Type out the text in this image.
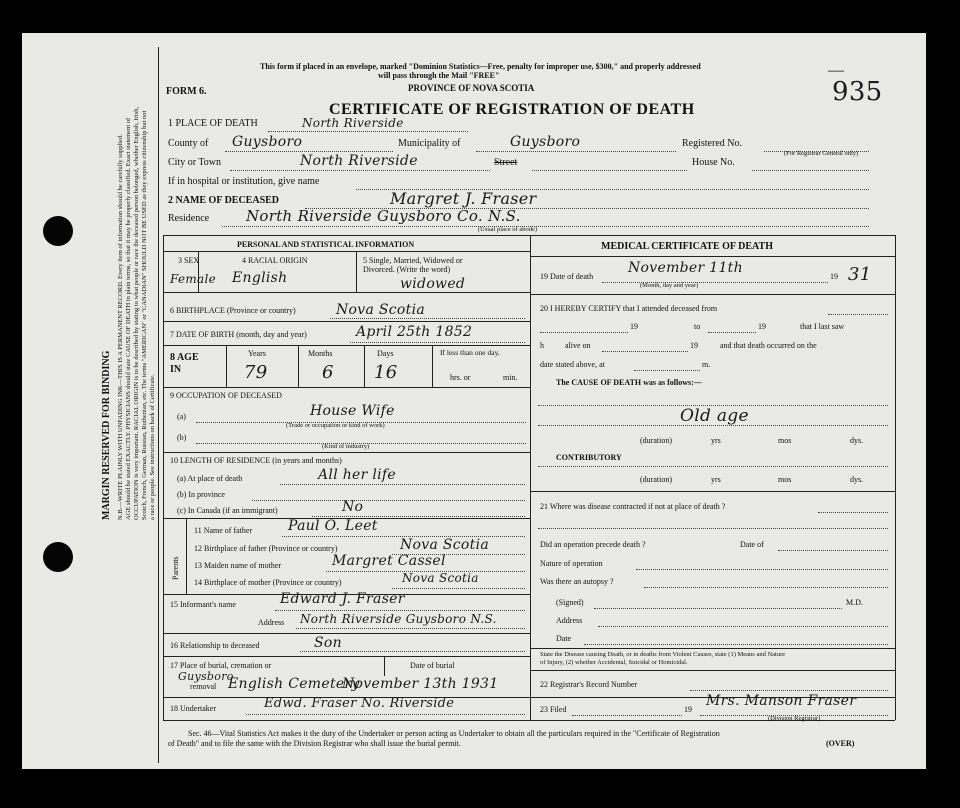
MARGIN RESERVED FOR BINDING N.B.—WRITE PLAINLY WITH UNFADING INK—THIS IS A PERMANENT RECORD. Every item of information should be carefully supplied. AGE should be stated EXACTLY. PHYSICIANS should state CAUSE OF DEATH in plain terms, so that it may be properly classified. Exact statement of OCCUPATION is very important. RACIAL ORIGIN is to be described by stating to what people or race the deceased person belonged, whether English, Irish, Scotch, French, German, Russian, Ruthenian, etc. The terms "AMERICAN" or "CANADIAN" SHOULD NOT BE USED as they express citizenship but not a race or people. See instructions on back of Certificate.
This form if placed in an envelope, marked "Dominion Statistics—Free, penalty for improper use, $300," and properly addressed
will pass through the Mail "FREE"
PROVINCE OF NOVA SCOTIA
FORM 6.	935
—
CERTIFICATE OF REGISTRATION OF DEATH
1 PLACE OF DEATH	North Riverside
County of Guysboro	Municipality of	Guysboro	Registered No.
(For Registrar General only)
City or Town	North Riverside	Street	House No.
If in hospital or institution, give name
2 NAME OF DECEASED	Margret J. Fraser
Residence North Riverside Guysboro Co. N.S.
(Usual place of abode)
PERSONAL AND STATISTICAL INFORMATION
3 SEX
Female
4 RACIAL ORIGIN
English
5 Single, Married, Widowed or
Divorced. (Write the word)
widowed
6 BIRTHPLACE (Province or country)	Nova Scotia
7 DATE OF BIRTH (month, day and year)	April 25th 1852
8 AGE IN
Years
79
Months
6
Days
16
If less than one day,
hrs. or	min.
9 OCCUPATION OF DECEASED
(a)	House Wife
(Trade or occupation or kind of work)
(b)
(Kind of industry)
10 LENGTH OF RESIDENCE (in years and months)
(a) At place of death	All her life
(b) In province
(c) In Canada (if an immigrant)	No
Parents
11 Name of father	Paul O. Leet
12 Birthplace of father (Province or country)	Nova Scotia
13 Maiden name of mother	Margret Cassel
14 Birthplace of mother (Province or country)	Nova Scotia
15 Informant's name	Edward J. Fraser
Address North Riverside Guysboro N.S.
16 Relationship to deceased	Son
17 Place of burial, cremation or
Guysboro
removal English Cemetery
Date of burial
November 13th 1931
18 Undertaker	Edwd. Fraser No. Riverside
MEDICAL CERTIFICATE OF DEATH
19 Date of death
November 11th
19 31
(Month, day and year)
20 I HEREBY CERTIFY that I attended deceased from
19	to	19	that I last saw
h	alive on	19	and that death occurred on the
date stated above, at	m.
The CAUSE OF DEATH was as follows:—
Old age
(duration)	yrs	mos	dys.
CONTRIBUTORY
(duration)	yrs	mos	dys.
21 Where was disease contracted if not at place of death ?
Did an operation precede death ?	Date of
Nature of operation
Was there an autopsy ?
(Signed)	M.D.
Address
Date
State the Disease causing Death, or in deaths from Violent Causes, state (1) Means and Nature
of Injury, (2) whether Accidental, Suicidal or Homicidal.
22 Registrar's Record Number
23 Filed	19
Mrs. Manson Fraser
(Division Registrar)
Sec. 46—Vital Statistics Act makes it the duty of the Undertaker or person acting as Undertaker to obtain all the particulars required in the "Certificate of Registration
of Death" and to file the same with the Division Registrar who shall issue the burial permit.	(OVER)
